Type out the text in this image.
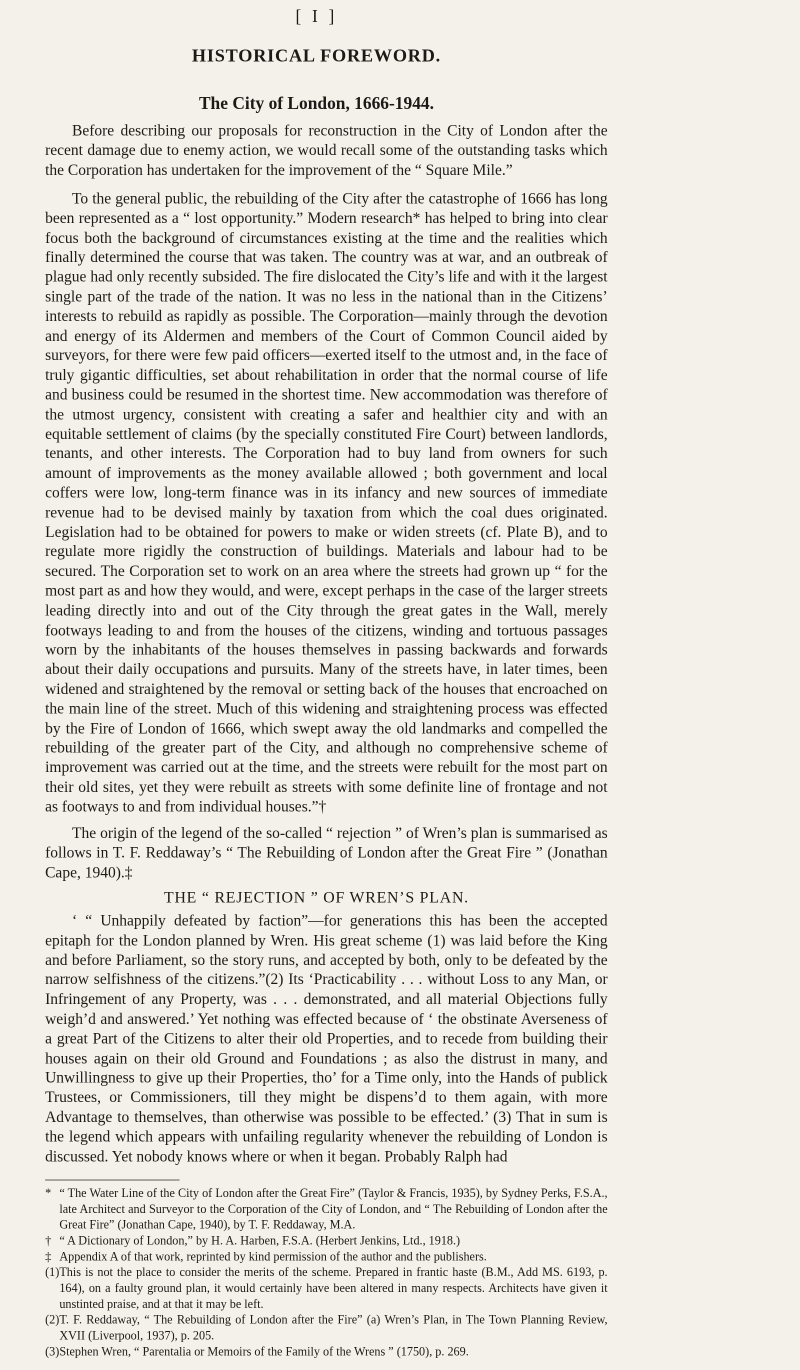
[ I ]
HISTORICAL FOREWORD.
The City of London, 1666-1944.

Before describing our proposals for reconstruction in the City of London after the recent damage due to enemy action, we would recall some of the outstanding tasks which the Corporation has undertaken for the improvement of the “ Square Mile.”

To the general public, the rebuilding of the City after the catastrophe of 1666 has long been represented as a “ lost opportunity.” Modern research* has helped to bring into clear focus both the background of circumstances existing at the time and the realities which finally determined the course that was taken. The country was at war, and an outbreak of plague had only recently subsided. The fire dislocated the City’s life and with it the largest single part of the trade of the nation. It was no less in the national than in the Citizens’ interests to rebuild as rapidly as possible. The Corporation—mainly through the devotion and energy of its Aldermen and members of the Court of Common Council aided by surveyors, for there were few paid officers—exerted itself to the utmost and, in the face of truly gigantic difficulties, set about rehabilitation in order that the normal course of life and business could be resumed in the shortest time. New accommodation was therefore of the utmost urgency, consistent with creating a safer and healthier city and with an equitable settlement of claims (by the specially constituted Fire Court) between landlords, tenants, and other interests. The Corporation had to buy land from owners for such amount of improvements as the money available allowed ; both government and local coffers were low, long-term finance was in its infancy and new sources of immediate revenue had to be devised mainly by taxation from which the coal dues originated. Legislation had to be obtained for powers to make or widen streets (cf. Plate B), and to regulate more rigidly the construction of buildings. Materials and labour had to be secured. The Corporation set to work on an area where the streets had grown up “ for the most part as and how they would, and were, except perhaps in the case of the larger streets leading directly into and out of the City through the great gates in the Wall, merely footways leading to and from the houses of the citizens, winding and tortuous passages worn by the inhabitants of the houses themselves in passing backwards and forwards about their daily occupations and pursuits. Many of the streets have, in later times, been widened and straightened by the removal or setting back of the houses that encroached on the main line of the street. Much of this widening and straightening process was effected by the Fire of London of 1666, which swept away the old landmarks and compelled the rebuilding of the greater part of the City, and although no comprehensive scheme of improvement was carried out at the time, and the streets were rebuilt for the most part on their old sites, yet they were rebuilt as streets with some definite line of frontage and not as footways to and from individual houses.”†

The origin of the legend of the so-called “ rejection ” of Wren’s plan is summarised as follows in T. F. Reddaway’s “ The Rebuilding of London after the Great Fire ” (Jonathan Cape, 1940).‡

THE “ REJECTION ” OF WREN’S PLAN.

‘ “ Unhappily defeated by faction”—for generations this has been the accepted epitaph for the London planned by Wren. His great scheme (1) was laid before the King and before Parliament, so the story runs, and accepted by both, only to be defeated by the narrow selfishness of the citizens.”(2) Its ‘Practicability . . . without Loss to any Man, or Infringement of any Property, was . . . demonstrated, and all material Objections fully weigh’d and answered.’ Yet nothing was effected because of ‘ the obstinate Averseness of a great Part of the Citizens to alter their old Properties, and to recede from building their houses again on their old Ground and Foundations ; as also the distrust in many, and Unwillingness to give up their Properties, tho’ for a Time only, into the Hands of publick Trustees, or Commissioners, till they might be dispens’d to them again, with more Advantage to themselves, than otherwise was possible to be effected.’ (3) That in sum is the legend which appears with unfailing regularity whenever the rebuilding of London is discussed. Yet nobody knows where or when it began. Probably Ralph had

* “ The Water Line of the City of London after the Great Fire” (Taylor & Francis, 1935), by Sydney Perks, F.S.A., late Architect and Surveyor to the Corporation of the City of London, and “ The Rebuilding of London after the Great Fire” (Jonathan Cape, 1940), by T. F. Reddaway, M.A.

† “ A Dictionary of London,” by H. A. Harben, F.S.A. (Herbert Jenkins, Ltd., 1918.)

‡ Appendix A of that work, reprinted by kind permission of the author and the publishers.

(1)This is not the place to consider the merits of the scheme. Prepared in frantic haste (B.M., Add MS. 6193, p. 164), on a faulty ground plan, it would certainly have been altered in many respects. Architects have given it unstinted praise, and at that it may be left.

(2)T. F. Reddaway, “ The Rebuilding of London after the Fire” (a) Wren’s Plan, in The Town Planning Review, XVII (Liverpool, 1937), p. 205.

(3)Stephen Wren, “ Parentalia or Memoirs of the Family of the Wrens ” (1750), p. 269.
